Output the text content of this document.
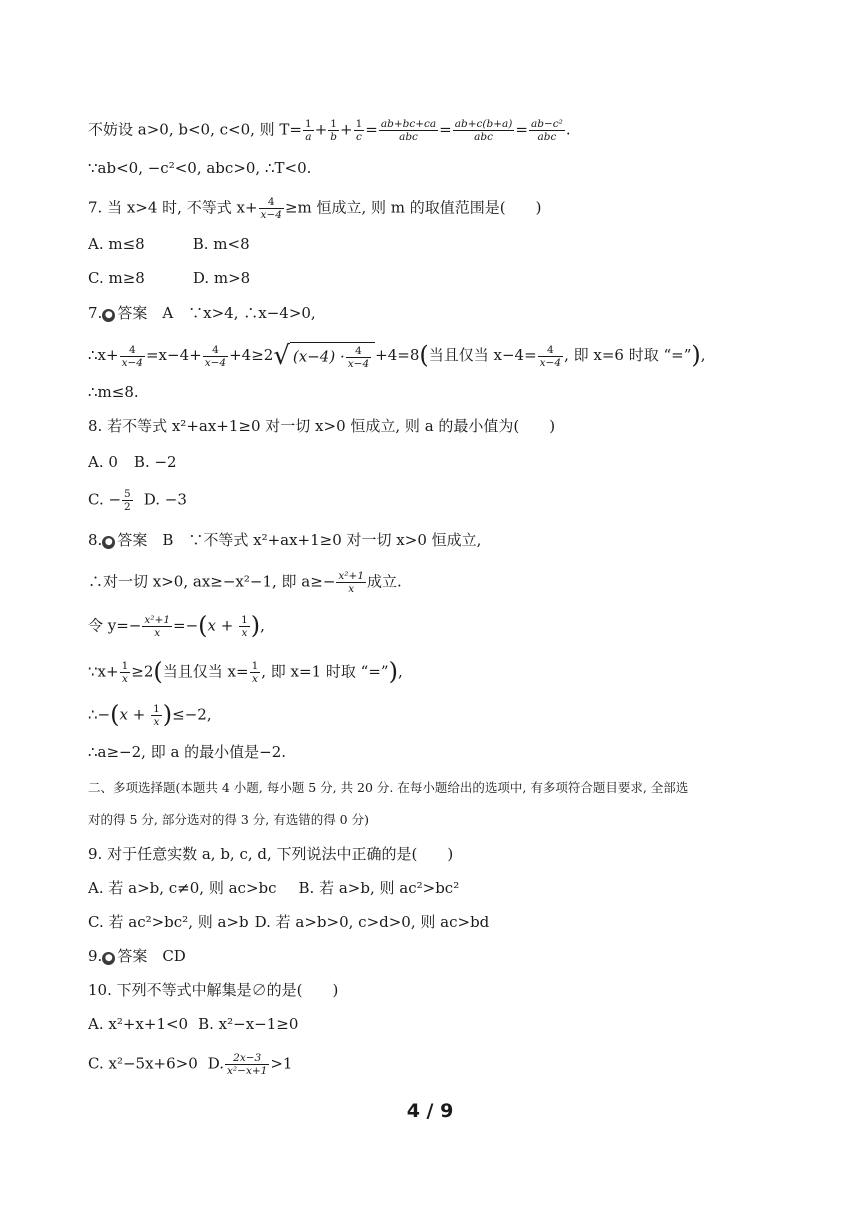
不妨设 a>0, b<0, c<0, 则 $T= \frac{1}{a} + \frac{1}{b} + \frac{1}{c} = \frac{ab+bc+ca}{\text{abc}} = \frac{ab+c(b+a)}{\text{abc}} = \frac{\text{ab−c²}}{\text{abc}}$ .
∵ab<0, −c²<0, abc>0, ∴T<0.
7. 当 x>4 时, 不等式 $x+ \frac{4}{x-4} \ge m$ 恒成立, 则 m 的取值范围是(　　)
A. m≤8	B. m<8
C. m≥8	D. m>8
7. ● 答案　A　∵x>4, ∴x−4>0,
∴x+ $\frac{4}{x-4} =x-4+ \frac{4}{x-4} +4\ge 2√$ $(x-4) \cdot \frac{4}{x-4} +4=8$(当且仅当 $x-4= \frac{4}{x-4}$ , 即 x=6 时取 “=”),
∴m≤8.
8. 若不等式 x²+ax+1≥0 对一切 x>0 恒成立, 则 a 的最小值为(　　)
A. 0 B. −2
C. − $\frac{5}{2} D$. −3
8. ● 答案　B　∵不等式 x²+ax+1≥0 对一切 x>0 恒成立,
∴对一切 x>0, ax≥−x²−1, 即 $a\ge- \frac{\text{x²+1}}{x}$ 成立.
令 $y=- \frac{\text{x²+1}}{x} =-(x + \frac{1}{x}$ ),
∵x+ $\frac{1}{x} \ge 2$(当且仅当 $x= \frac{1}{x}$ , 即 x=1 时取 “=”),
∴−(x + $\frac{1}{x} )\le-2$,
∴a≥−2, 即 a 的最小值是−2.
二、多项选择题(本题共 4 小题, 每小题 5 分, 共 20 分. 在每小题给出的选项中, 有多项符合题目要求, 全部选
对的得 5 分, 部分选对的得 3 分, 有选错的得 0 分)
9. 对于任意实数 a, b, c, d, 下列说法中正确的是(　　)
A. 若 a>b, c≠0, 则 ac>bc B. 若 a>b, 则 ac²>bc²
C. 若 ac²>bc², 则 a>b D. 若 a>b>0, c>d>0, 则 ac>bd
9. ● 答案　CD
10. 下列不等式中解集是∅的是(　　)
A. x²+x+1<0 B. x²−x−1≥0
C. x²−5x+6>0 D. $\frac{2x-3}{\text{x²−x+1}} >1$
4 / 9
